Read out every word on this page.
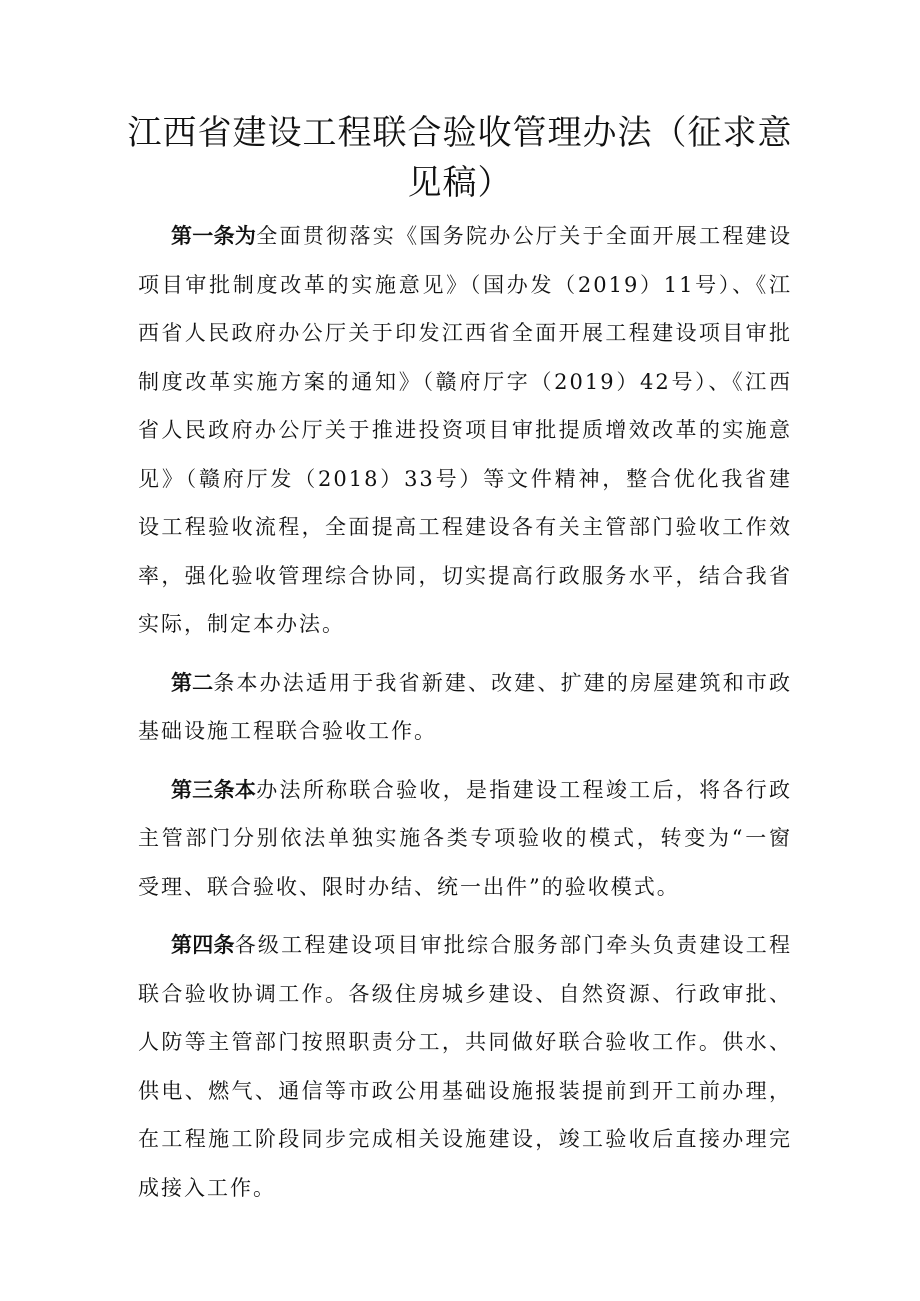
江西省建设工程联合验收管理办法（征求意见稿）

第一条为全面贯彻落实《国务院办公厅关于全面开展工程建设项目审批制度改革的实施意见》（国办发（2019）11号）、《江西省人民政府办公厅关于印发江西省全面开展工程建设项目审批制度改革实施方案的通知》（赣府厅字（2019）42号）、《江西省人民政府办公厅关于推进投资项目审批提质增效改革的实施意见》（赣府厅发（2018）33号）等文件精神，整合优化我省建设工程验收流程，全面提高工程建设各有关主管部门验收工作效率，强化验收管理综合协同，切实提高行政服务水平，结合我省实际，制定本办法。

第二条本办法适用于我省新建、改建、扩建的房屋建筑和市政基础设施工程联合验收工作。

第三条本办法所称联合验收，是指建设工程竣工后，将各行政主管部门分别依法单独实施各类专项验收的模式，转变为“一窗受理、联合验收、限时办结、统一出件”的验收模式。

第四条各级工程建设项目审批综合服务部门牵头负责建设工程联合验收协调工作。各级住房城乡建设、自然资源、行政审批、人防等主管部门按照职责分工，共同做好联合验收工作。供水、供电、燃气、通信等市政公用基础设施报装提前到开工前办理，在工程施工阶段同步完成相关设施建设，竣工验收后直接办理完成接入工作。
